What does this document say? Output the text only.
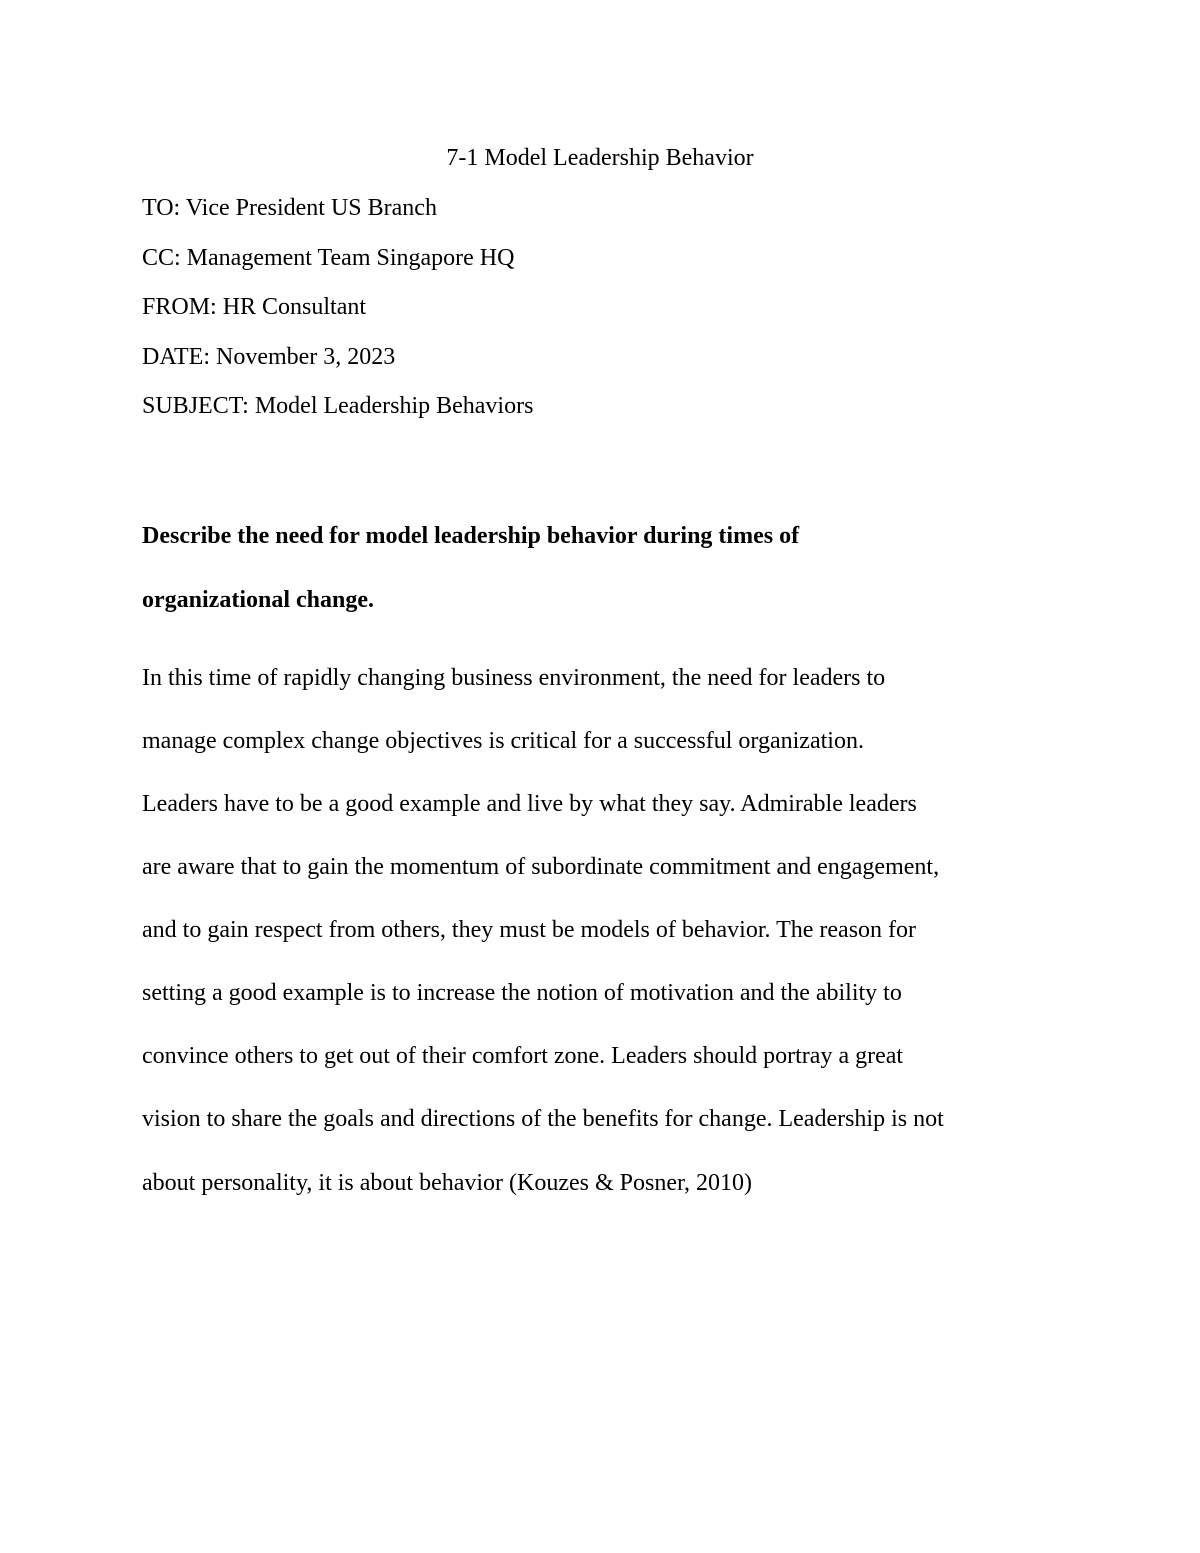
7-1 Model Leadership Behavior
TO: Vice President US Branch
CC: Management Team Singapore HQ
FROM: HR Consultant
DATE: November 3, 2023
SUBJECT: Model Leadership Behaviors
Describe the need for model leadership behavior during times of
organizational change.
In this time of rapidly changing business environment, the need for leaders to
manage complex change objectives is critical for a successful organization.
Leaders have to be a good example and live by what they say. Admirable leaders
are aware that to gain the momentum of subordinate commitment and engagement,
and to gain respect from others, they must be models of behavior. The reason for
setting a good example is to increase the notion of motivation and the ability to
convince others to get out of their comfort zone. Leaders should portray a great
vision to share the goals and directions of the benefits for change. Leadership is not
about personality, it is about behavior (Kouzes & Posner, 2010)
